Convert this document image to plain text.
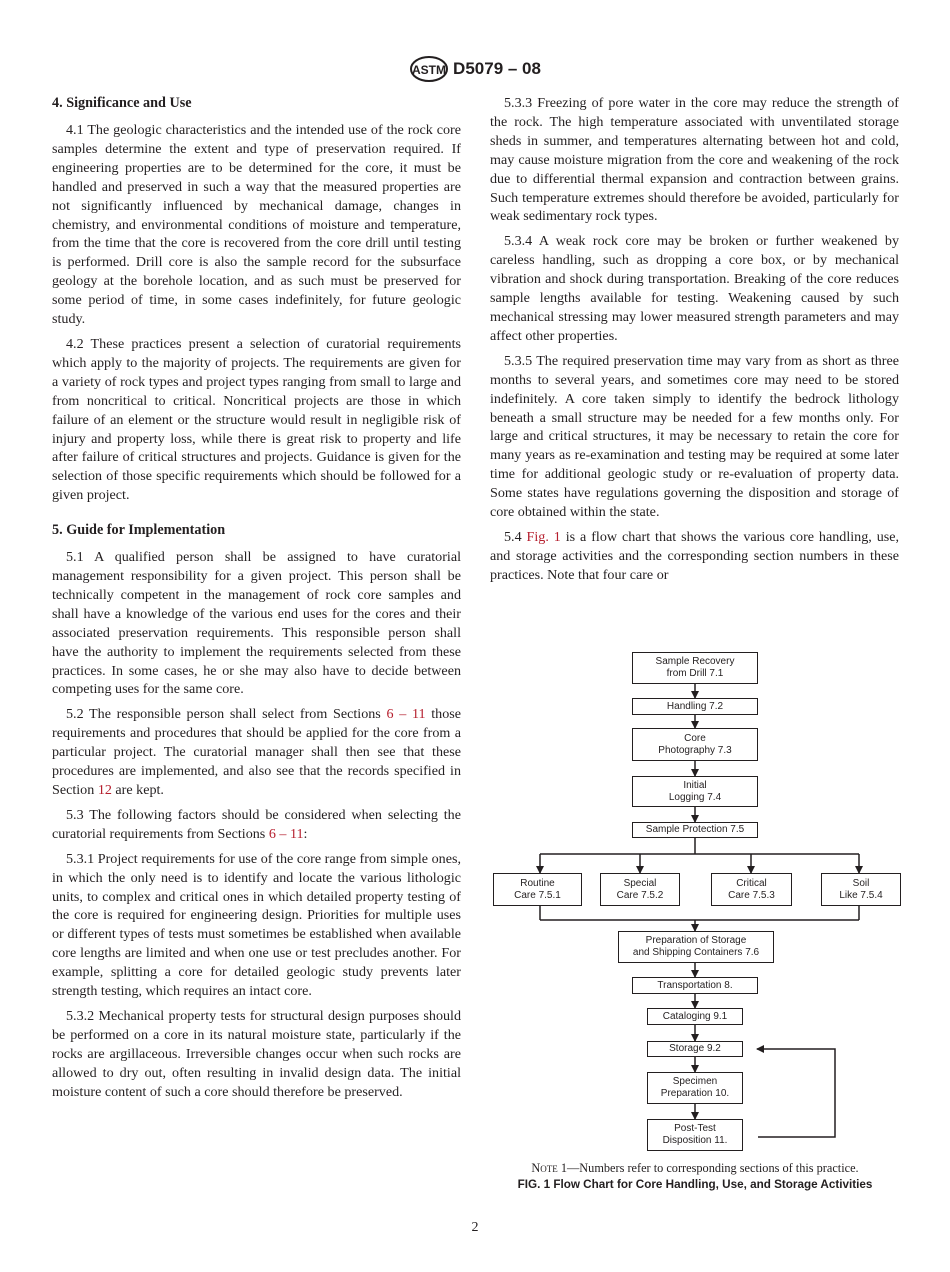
ASTM D5079 – 08
4. Significance and Use

4.1 The geologic characteristics and the intended use of the rock core samples determine the extent and type of preservation required. If engineering properties are to be determined for the core, it must be handled and preserved in such a way that the measured properties are not significantly influenced by mechanical damage, changes in chemistry, and environmental conditions of moisture and temperature, from the time that the core is recovered from the core drill until testing is performed. Drill core is also the sample record for the subsurface geology at the borehole location, and as such must be preserved for some period of time, in some cases indefinitely, for future geologic study.

4.2 These practices present a selection of curatorial requirements which apply to the majority of projects. The requirements are given for a variety of rock types and project types ranging from small to large and from noncritical to critical. Noncritical projects are those in which failure of an element or the structure would result in negligible risk of injury and property loss, while there is great risk to property and life after failure of critical structures and projects. Guidance is given for the selection of those specific requirements which should be followed for a given project.

5. Guide for Implementation

5.1 A qualified person shall be assigned to have curatorial management responsibility for a given project. This person shall be technically competent in the management of rock core samples and shall have a knowledge of the various end uses for the cores and their associated preservation requirements. This responsible person shall have the authority to implement the requirements selected from these practices. In some cases, he or she may also have to decide between competing uses for the same core.

5.2 The responsible person shall select from Sections 6 – 11 those requirements and procedures that should be applied for the core from a particular project. The curatorial manager shall then see that these procedures are implemented, and also see that the records specified in Section 12 are kept.

5.3 The following factors should be considered when selecting the curatorial requirements from Sections 6 – 11:

5.3.1 Project requirements for use of the core range from simple ones, in which the only need is to identify and locate the various lithologic units, to complex and critical ones in which detailed property testing of the core is required for engineering design. Priorities for multiple uses or different types of tests must sometimes be established when available core lengths are limited and when one use or test precludes another. For example, splitting a core for detailed geologic study prevents later strength testing, which requires an intact core.

5.3.2 Mechanical property tests for structural design purposes should be performed on a core in its natural moisture state, particularly if the rocks are argillaceous. Irreversible changes occur when such rocks are allowed to dry out, often resulting in invalid design data. The initial moisture content of such a core should therefore be preserved.

5.3.3 Freezing of pore water in the core may reduce the strength of the rock. The high temperature associated with unventilated storage sheds in summer, and temperatures alternating between hot and cold, may cause moisture migration from the core and weakening of the rock due to differential thermal expansion and contraction between grains. Such temperature extremes should therefore be avoided, particularly for weak sedimentary rock types.

5.3.4 A weak rock core may be broken or further weakened by careless handling, such as dropping a core box, or by mechanical vibration and shock during transportation. Breaking of the core reduces sample lengths available for testing. Weakening caused by such mechanical stressing may lower measured strength parameters and may affect other properties.

5.3.5 The required preservation time may vary from as short as three months to several years, and sometimes core may need to be stored indefinitely. A core taken simply to identify the bedrock lithology beneath a small structure may be needed for a few months only. For large and critical structures, it may be necessary to retain the core for many years as re-examination and testing may be required at some later time for additional geologic study or re-evaluation of property data. Some states have regulations governing the disposition and storage of core obtained within the state.

5.4 Fig. 1 is a flow chart that shows the various core handling, use, and storage activities and the corresponding section numbers in these practices. Note that four care or

Sample Recovery
from Drill 7.1
Handling 7.2
Core
Photography 7.3
Initial
Logging 7.4
Sample Protection 7.5
Routine
Care 7.5.1
Special
Care 7.5.2
Critical
Care 7.5.3
Soil
Like 7.5.4
Preparation of Storage
and Shipping Containers 7.6
Transportation 8.
Cataloging 9.1
Storage 9.2
Specimen
Preparation 10.
Post-Test
Disposition 11.
Note 1—Numbers refer to corresponding sections of this practice.
FIG. 1 Flow Chart for Core Handling, Use, and Storage Activities
2
